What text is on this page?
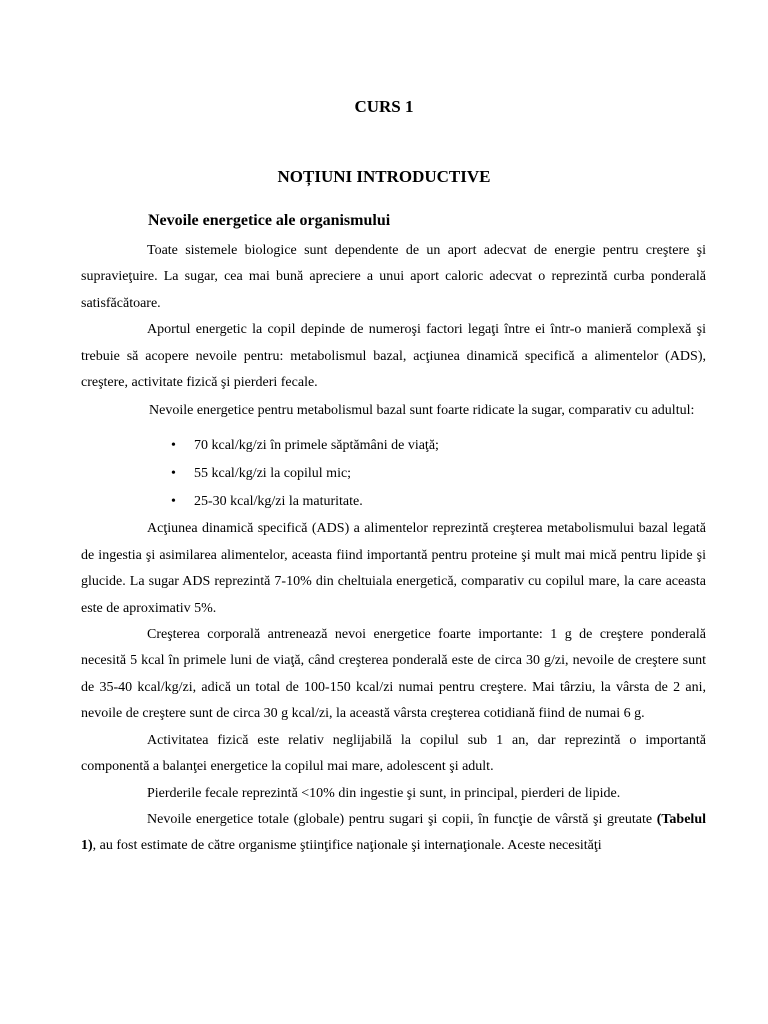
CURS 1
NOȚIUNI INTRODUCTIVE
Nevoile energetice ale organismului

Toate sistemele biologice sunt dependente de un aport adecvat de energie pentru creştere şi supravieţuire. La sugar, cea mai bună apreciere a unui aport caloric adecvat o reprezintă curba ponderală satisfăcătoare.

Aportul energetic la copil depinde de numeroşi factori legaţi între ei într-o manieră complexă şi trebuie să acopere nevoile pentru: metabolismul bazal, acţiunea dinamică specifică a alimentelor (ADS), creştere, activitate fizică şi pierderi fecale.

Nevoile energetice pentru metabolismul bazal sunt foarte ridicate la sugar, comparativ cu adultul:

• 70 kcal/kg/zi în primele săptămâni de viaţă;
• 55 kcal/kg/zi la copilul mic;
• 25-30 kcal/kg/zi la maturitate.

Acţiunea dinamică specifică (ADS) a alimentelor reprezintă creşterea metabolismului bazal legată de ingestia şi asimilarea alimentelor, aceasta fiind importantă pentru proteine şi mult mai mică pentru lipide şi glucide. La sugar ADS reprezintă 7-10% din cheltuiala energetică, comparativ cu copilul mare, la care aceasta este de aproximativ 5%.

Creşterea corporală antrenează nevoi energetice foarte importante: 1 g de creştere ponderală necesită 5 kcal în primele luni de viaţă, când creşterea ponderală este de circa 30 g/zi, nevoile de creştere sunt de 35-40 kcal/kg/zi, adică un total de 100-150 kcal/zi numai pentru creştere. Mai târziu, la vârsta de 2 ani, nevoile de creştere sunt de circa 30 g kcal/zi, la această vârsta creşterea cotidiană fiind de numai 6 g.

Activitatea fizică este relativ neglijabilă la copilul sub 1 an, dar reprezintă o importantă componentă a balanţei energetice la copilul mai mare, adolescent şi adult.

Pierderile fecale reprezintă <10% din ingestie şi sunt, in principal, pierderi de lipide.

Nevoile energetice totale (globale) pentru sugari şi copii, în funcţie de vârstă şi greutate (Tabelul 1), au fost estimate de către organisme ştiinţifice naţionale şi internaţionale. Aceste necesităţi
